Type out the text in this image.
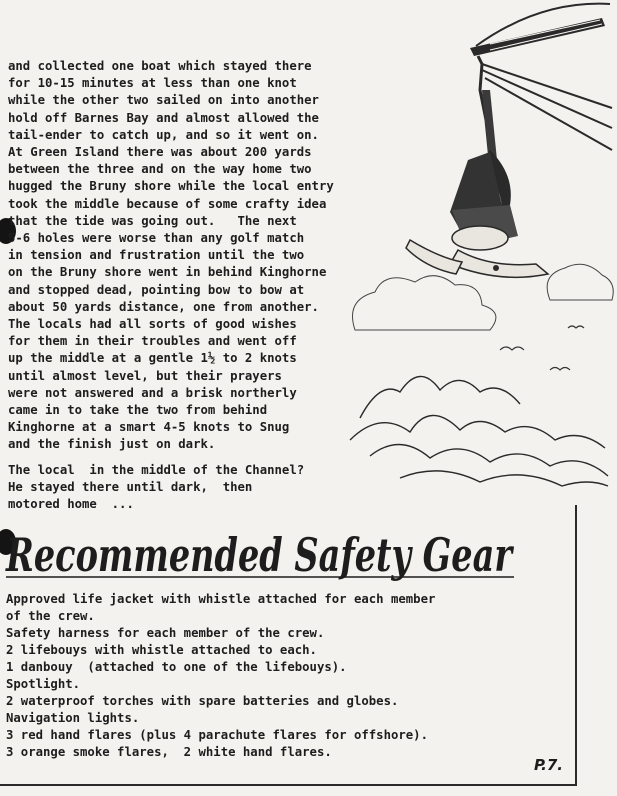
and collected one boat which stayed there

for 10-15 minutes at less than one knot

while the other two sailed on into another

hold off Barnes Bay and almost allowed the

tail-ender to catch up, and so it went on.

At Green Island there was about 200 yards

between the three and on the way home two

hugged the Bruny shore while the local entry

took the middle because of some crafty idea

that the tide was going out.   The next

5-6 holes were worse than any golf match

in tension and frustration until the two

on the Bruny shore went in behind Kinghorne

and stopped dead, pointing bow to bow at

about 50 yards distance, one from another.

The locals had all sorts of good wishes

for them in their troubles and went off

up the middle at a gentle 1½ to 2 knots

until almost level, but their prayers

were not answered and a brisk northerly

came in to take the two from behind

Kinghorne at a smart 4-5 knots to Snug

and the finish just on dark.

The local  in the middle of the Channel?

He stayed there until dark,  then

motored home  ...

Recommended Safety Gear
Approved life jacket with whistle attached for each member
of the crew.
Safety harness for each member of the crew.
2 lifebouys with whistle attached to each.
1 danbouy  (attached to one of the lifebouys).
Spotlight.
2 waterproof torches with spare batteries and globes.
Navigation lights.
3 red hand flares (plus 4 parachute flares for offshore).
3 orange smoke flares,  2 white hand flares.
P.7.
